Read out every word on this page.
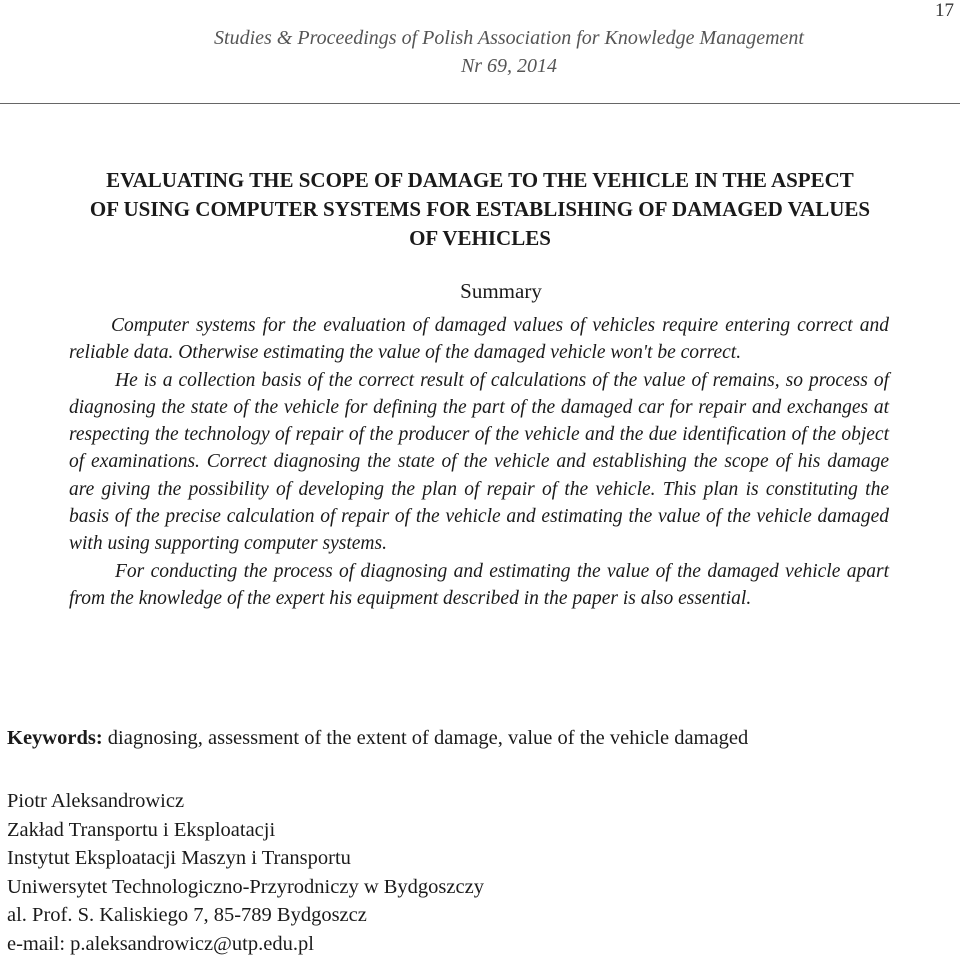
17
Studies & Proceedings of Polish Association for Knowledge Management
Nr 69, 2014
EVALUATING THE SCOPE OF DAMAGE TO THE VEHICLE IN THE ASPECT
OF USING COMPUTER SYSTEMS FOR ESTABLISHING OF DAMAGED VALUES
OF VEHICLES
Summary

Computer systems for the evaluation of damaged values of vehicles require entering correct and reliable data. Otherwise estimating the value of the damaged vehicle won't be correct.

He is a collection basis of the correct result of calculations of the value of remains, so process of diagnosing the state of the vehicle for defining the part of the damaged car for repair and exchanges at respecting the technology of repair of the producer of the vehicle and the due identification of the object of examinations. Correct diagnosing the state of the vehicle and establishing the scope of his damage are giving the possibility of developing the plan of repair of the vehicle. This plan is constituting the basis of the precise calculation of repair of the vehicle and estimating the value of the vehicle damaged with using supporting computer systems.

For conducting the process of diagnosing and estimating the value of the damaged vehicle apart from the knowledge of the expert his equipment described in the paper is also essential.

Keywords: diagnosing, assessment of the extent of damage, value of the vehicle damaged
Piotr Aleksandrowicz
Zakład Transportu i Eksploatacji
Instytut Eksploatacji Maszyn i Transportu
Uniwersytet Technologiczno-Przyrodniczy w Bydgoszczy
al. Prof. S. Kaliskiego 7, 85-789 Bydgoszcz
e-mail: p.aleksandrowicz@utp.edu.pl
